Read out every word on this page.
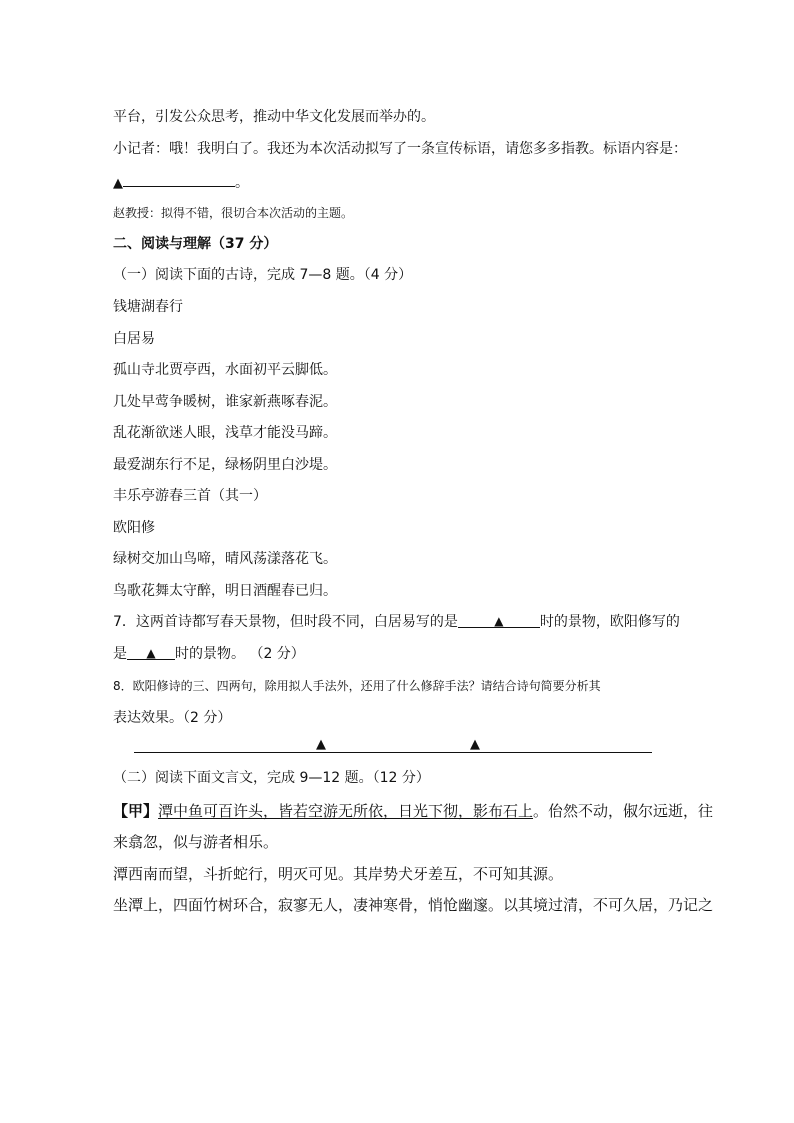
平台，引发公众思考，推动中华文化发展而举办的。
小记者：哦！我明白了。我还为本次活动拟写了一条宣传标语，请您多多指教。标语内容是：
▲	。
赵教授：拟得不错，很切合本次活动的主题。
二、阅读与理解（37 分）
（一）阅读下面的古诗，完成 7—8 题。（4 分）
钱塘湖春行
白居易
孤山寺北贾亭西，水面初平云脚低。
几处早莺争暖树，谁家新燕啄春泥。
乱花渐欲迷人眼，浅草才能没马蹄。
最爱湖东行不足，绿杨阴里白沙堤。
丰乐亭游春三首（其一）
欧阳修
绿树交加山鸟啼，晴风荡漾落花飞。
鸟歌花舞太守醉，明日酒醒春已归。
7．这两首诗都写春天景物，但时段不同，白居易写的是	▲	时的景物，欧阳修写的
是 ▲ 时的景物。 （2 分）
8．欧阳修诗的三、四两句，除用拟人手法外，还用了什么修辞手法？请结合诗句简要分析其
表达效果。（2 分）
▲	▲
（二）阅读下面文言文，完成 9—12 题。（12 分）
【甲】潭中鱼可百许头，皆若空游无所依，日光下彻，影布石上。佁然不动，俶尔远逝，往
来翕忽，似与游者相乐。
潭西南而望，斗折蛇行，明灭可见。其岸势犬牙差互，不可知其源。
坐潭上，四面竹树环合，寂寥无人，凄神寒骨，悄怆幽邃。以其境过清，不可久居，乃记之
